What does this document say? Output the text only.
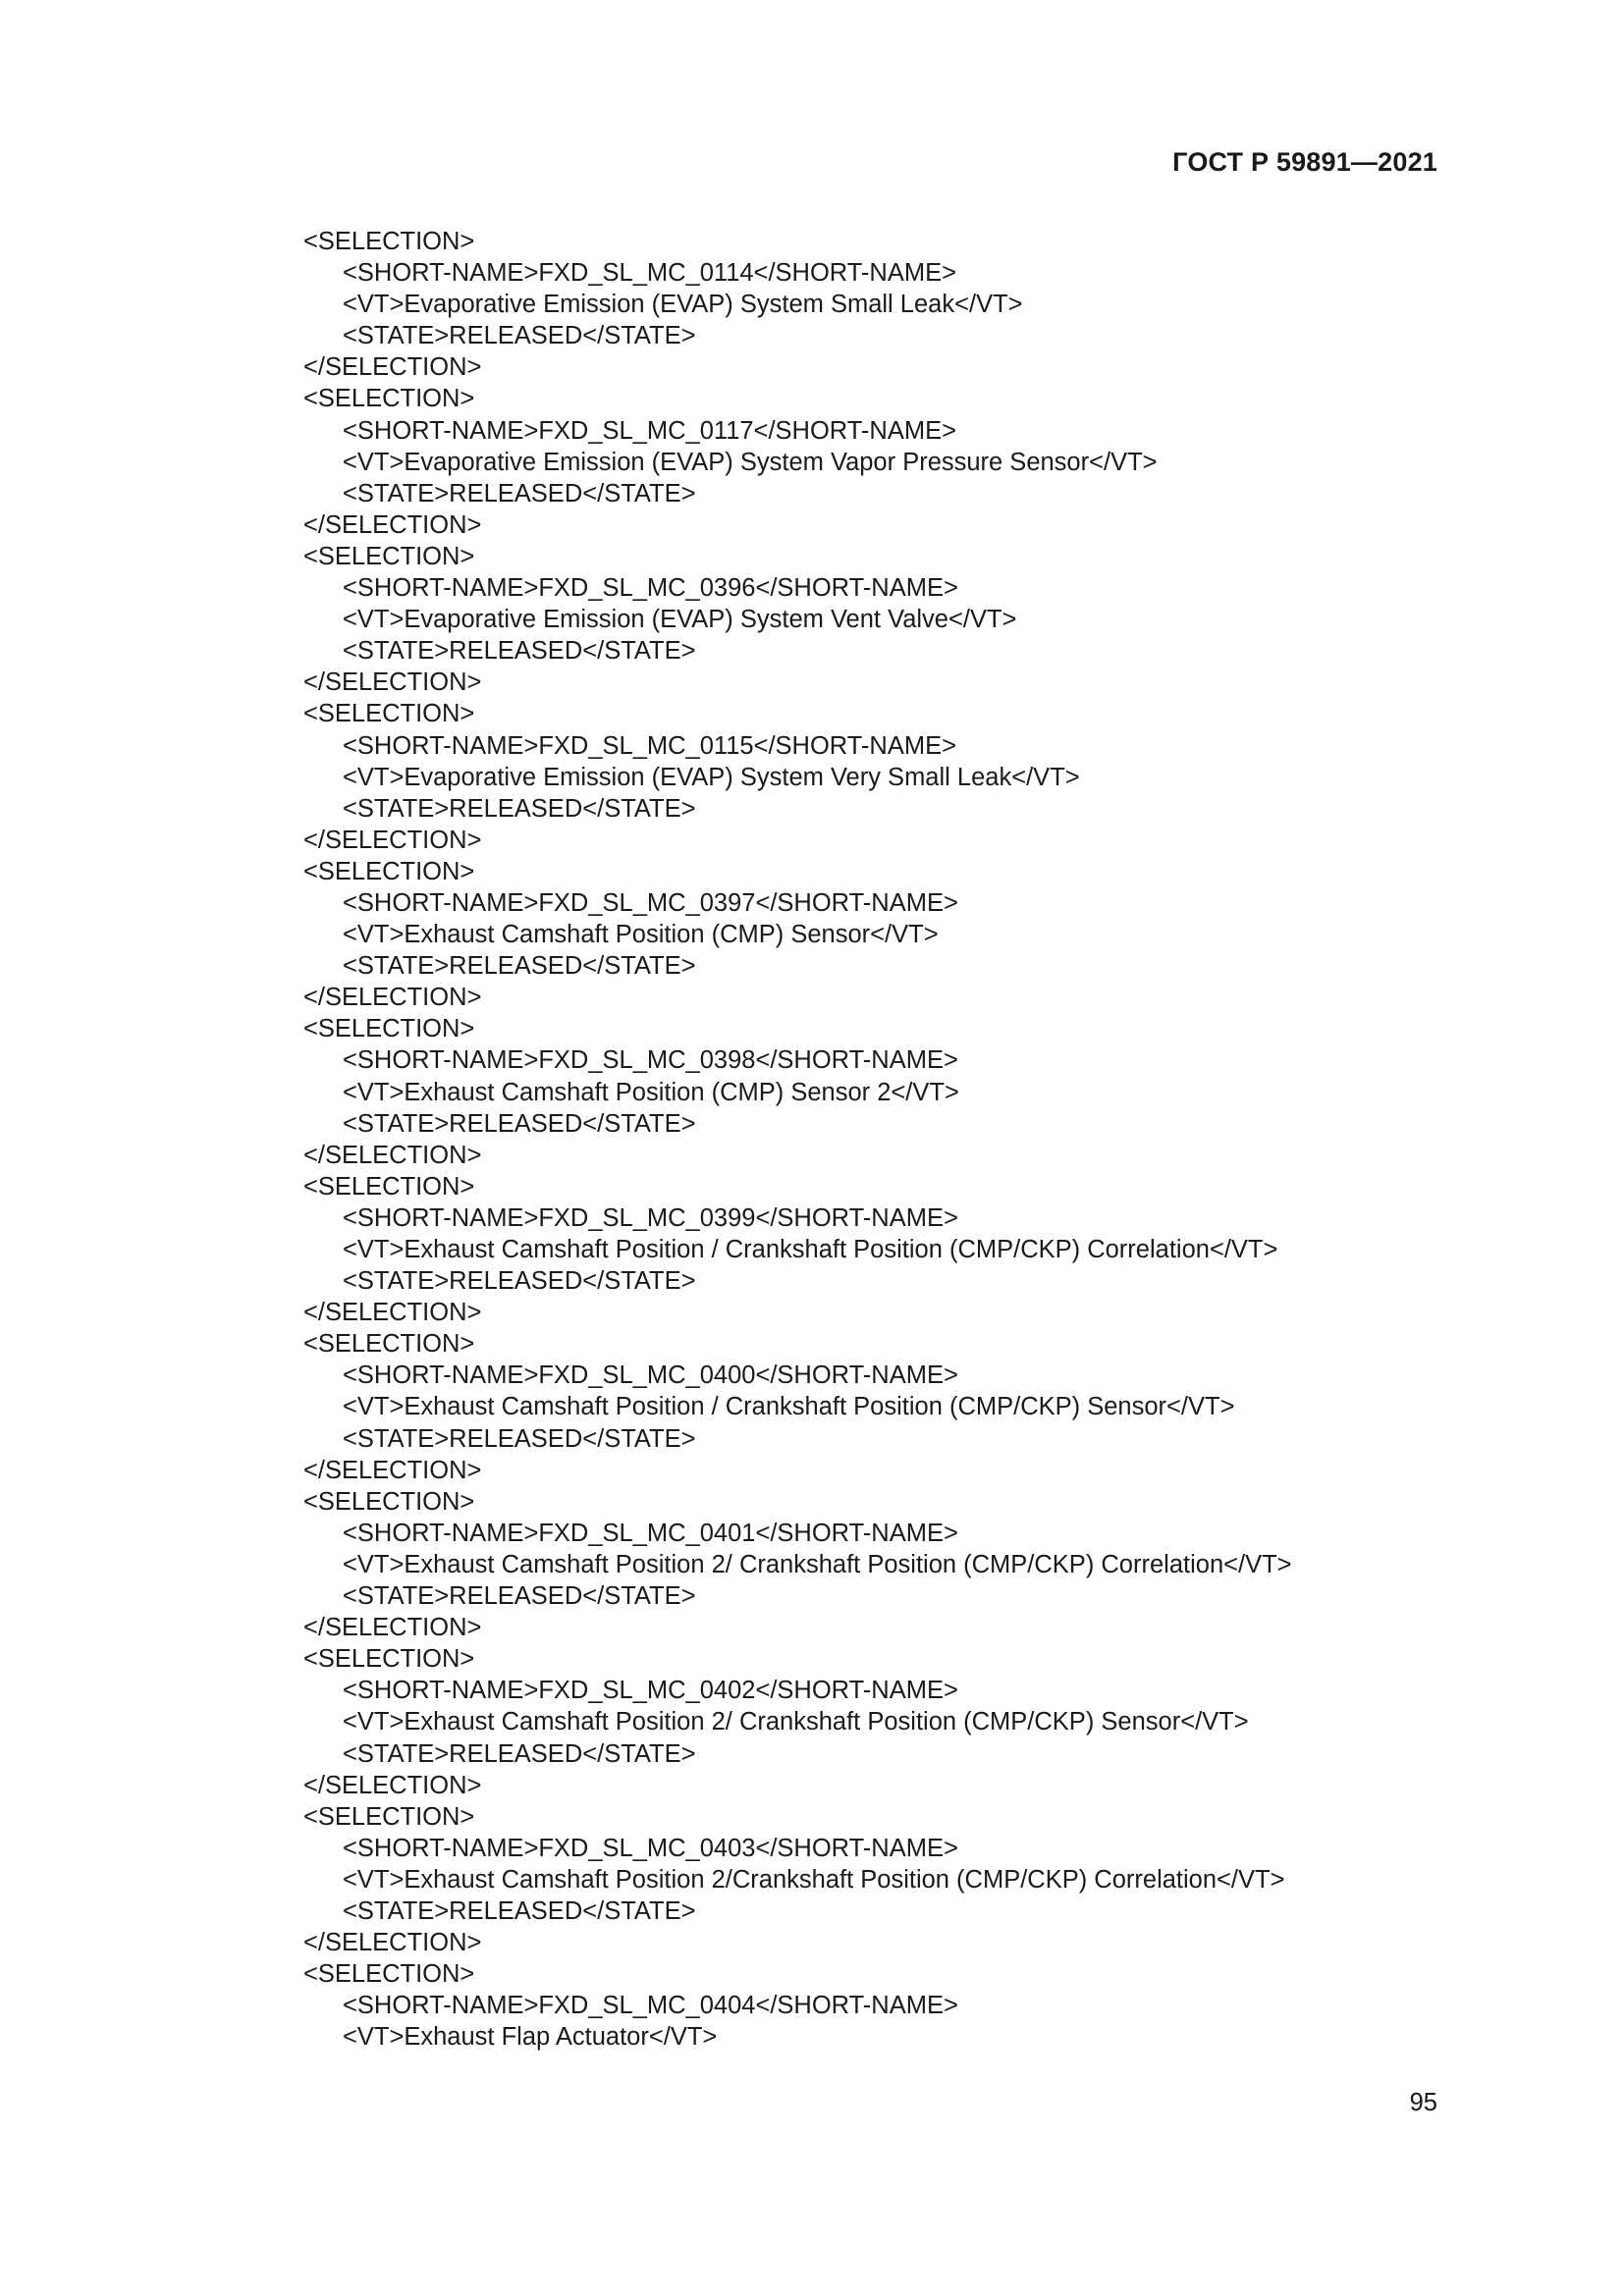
ГОСТ Р 59891—2021
<SELECTION>
<SHORT-NAME>FXD_SL_MC_0114</SHORT-NAME>
<VT>Evaporative Emission (EVAP) System Small Leak</VT>
<STATE>RELEASED</STATE>
</SELECTION>
<SELECTION>
<SHORT-NAME>FXD_SL_MC_0117</SHORT-NAME>
<VT>Evaporative Emission (EVAP) System Vapor Pressure Sensor</VT>
<STATE>RELEASED</STATE>
</SELECTION>
<SELECTION>
<SHORT-NAME>FXD_SL_MC_0396</SHORT-NAME>
<VT>Evaporative Emission (EVAP) System Vent Valve</VT>
<STATE>RELEASED</STATE>
</SELECTION>
<SELECTION>
<SHORT-NAME>FXD_SL_MC_0115</SHORT-NAME>
<VT>Evaporative Emission (EVAP) System Very Small Leak</VT>
<STATE>RELEASED</STATE>
</SELECTION>
<SELECTION>
<SHORT-NAME>FXD_SL_MC_0397</SHORT-NAME>
<VT>Exhaust Camshaft Position (CMP) Sensor</VT>
<STATE>RELEASED</STATE>
</SELECTION>
<SELECTION>
<SHORT-NAME>FXD_SL_MC_0398</SHORT-NAME>
<VT>Exhaust Camshaft Position (CMP) Sensor 2</VT>
<STATE>RELEASED</STATE>
</SELECTION>
<SELECTION>
<SHORT-NAME>FXD_SL_MC_0399</SHORT-NAME>
<VT>Exhaust Camshaft Position / Crankshaft Position (CMP/CKP) Correlation</VT>
<STATE>RELEASED</STATE>
</SELECTION>
<SELECTION>
<SHORT-NAME>FXD_SL_MC_0400</SHORT-NAME>
<VT>Exhaust Camshaft Position / Crankshaft Position (CMP/CKP) Sensor</VT>
<STATE>RELEASED</STATE>
</SELECTION>
<SELECTION>
<SHORT-NAME>FXD_SL_MC_0401</SHORT-NAME>
<VT>Exhaust Camshaft Position 2/ Crankshaft Position (CMP/CKP) Correlation</VT>
<STATE>RELEASED</STATE>
</SELECTION>
<SELECTION>
<SHORT-NAME>FXD_SL_MC_0402</SHORT-NAME>
<VT>Exhaust Camshaft Position 2/ Crankshaft Position (CMP/CKP) Sensor</VT>
<STATE>RELEASED</STATE>
</SELECTION>
<SELECTION>
<SHORT-NAME>FXD_SL_MC_0403</SHORT-NAME>
<VT>Exhaust Camshaft Position 2/Crankshaft Position (CMP/CKP) Correlation</VT>
<STATE>RELEASED</STATE>
</SELECTION>
<SELECTION>
<SHORT-NAME>FXD_SL_MC_0404</SHORT-NAME>
<VT>Exhaust Flap Actuator</VT>
95
